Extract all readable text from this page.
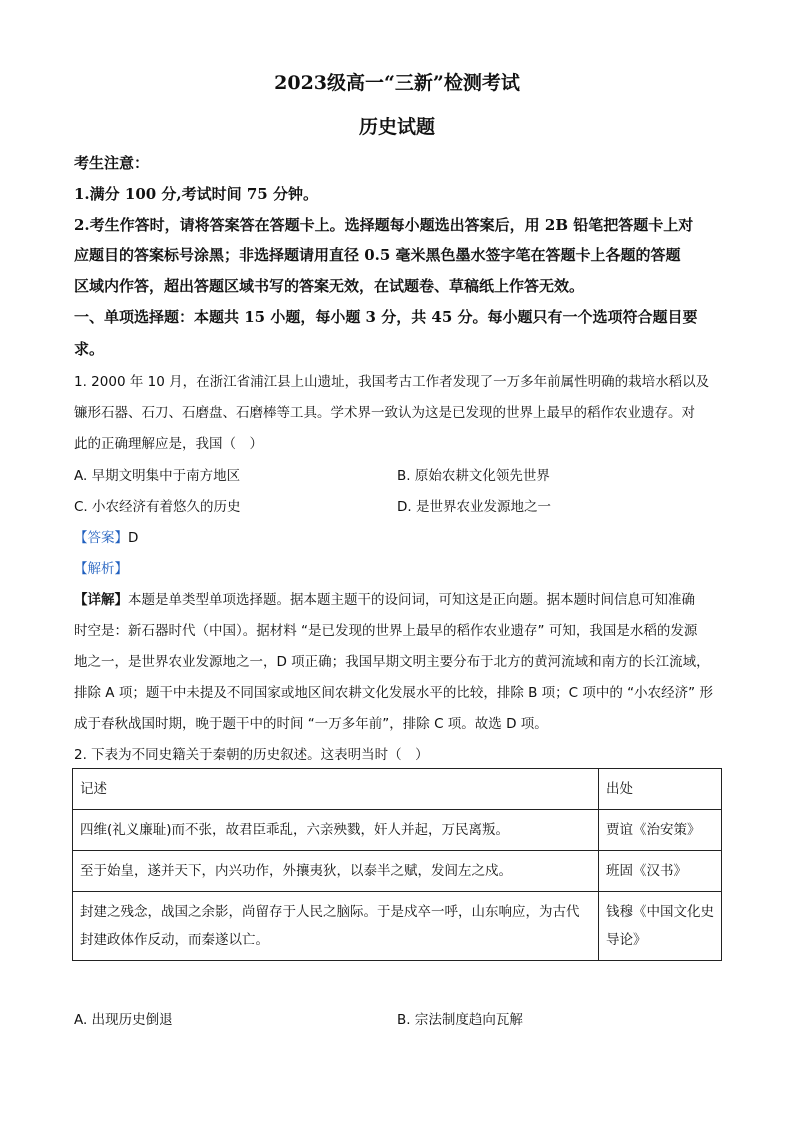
2023级高一“三新”检测考试
历史试题
考生注意：
1.满分 100 分,考试时间 75 分钟。
2.考生作答时，请将答案答在答题卡上。选择题每小题选出答案后，用 2B 铅笔把答题卡上对
应题目的答案标号涂黑；非选择题请用直径 0.5 毫米黑色墨水签字笔在答题卡上各题的答题
区域内作答，超出答题区域书写的答案无效，在试题卷、草稿纸上作答无效。
一、单项选择题：本题共 15 小题，每小题 3 分，共 45 分。每小题只有一个选项符合题目要
求。
1. 2000 年 10 月，在浙江省浦江县上山遗址，我国考古工作者发现了一万多年前属性明确的栽培水稻以及
镰形石器、石刀、石磨盘、石磨棒等工具。学术界一致认为这是已发现的世界上最早的稻作农业遗存。对
此的正确理解应是，我国（　）
A. 早期文明集中于南方地区	B. 原始农耕文化领先世界
C. 小农经济有着悠久的历史	D. 是世界农业发源地之一
【答案】D
【解析】
【详解】本题是单类型单项选择题。据本题主题干的设问词，可知这是正向题。据本题时间信息可知准确
时空是：新石器时代（中国）。据材料 “是已发现的世界上最早的稻作农业遗存” 可知，我国是水稻的发源
地之一，是世界农业发源地之一，D 项正确；我国早期文明主要分布于北方的黄河流域和南方的长江流域，
排除 A 项；题干中未提及不同国家或地区间农耕文化发展水平的比较，排除 B 项；C 项中的 “小农经济” 形
成于春秋战国时期，晚于题干中的时间 “一万多年前”，排除 C 项。故选 D 项。
2. 下表为不同史籍关于秦朝的历史叙述。这表明当时（　）
记述	出处
四维(礼义廉耻)而不张，故君臣乖乱，六亲殃戮，奸人并起，万民离叛。	贾谊《治安策》
至于始皇，遂并天下，内兴功作，外攘夷狄，以泰半之赋，发闾左之戍。	班固《汉书》
封建之残念，战国之余影，尚留存于人民之脑际。于是戍卒一呼，山东响应，为古代封建政体作反动，而秦遂以亡。	钱穆《中国文化史导论》
A. 出现历史倒退	B. 宗法制度趋向瓦解
